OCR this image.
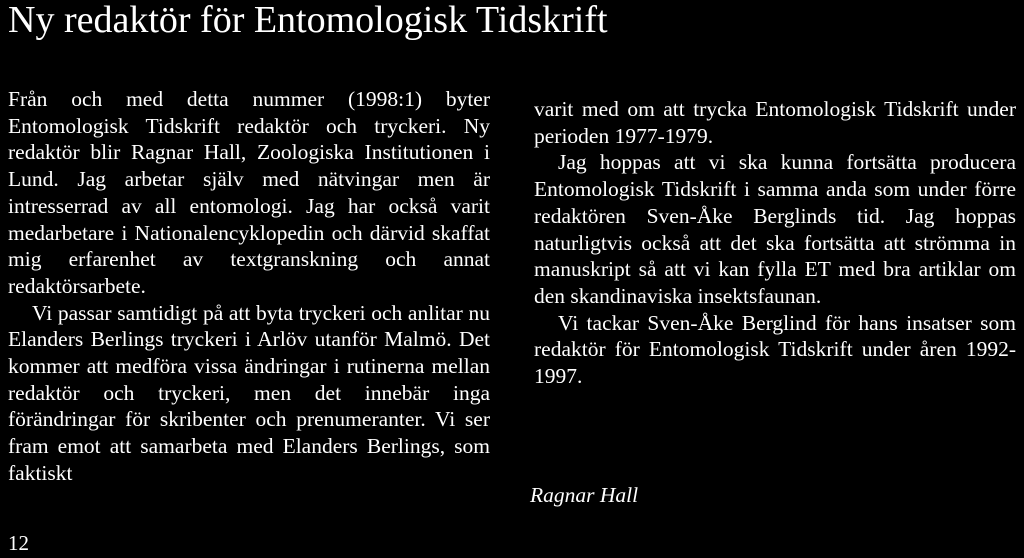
Ny redaktör för Entomologisk Tidskrift

Från och med detta nummer (1998:1) byter Entomologisk Tidskrift redaktör och tryckeri. Ny redaktör blir Ragnar Hall, Zoologiska Institutionen i Lund. Jag arbetar själv med nätvingar men är intresserrad av all entomologi. Jag har också varit medarbetare i Nationalencyklopedin och därvid skaffat mig erfarenhet av textgranskning och annat redaktörsarbete.

Vi passar samtidigt på att byta tryckeri och anlitar nu Elanders Berlings tryckeri i Arlöv utanför Malmö. Det kommer att medföra vissa ändringar i rutinerna mellan redaktör och tryckeri, men det innebär inga förändringar för skribenter och prenumeranter. Vi ser fram emot att samarbeta med Elanders Berlings, som faktiskt

varit med om att trycka Entomologisk Tidskrift under perioden 1977-1979.

Jag hoppas att vi ska kunna fortsätta producera Entomologisk Tidskrift i samma anda som under förre redaktören Sven-Åke Berglinds tid. Jag hoppas naturligtvis också att det ska fortsätta att strömma in manuskript så att vi kan fylla ET med bra artiklar om den skandinaviska insektsfaunan.

Vi tackar Sven-Åke Berglind för hans insatser som redaktör för Entomologisk Tidskrift under åren 1992-1997.

Ragnar Hall
12
